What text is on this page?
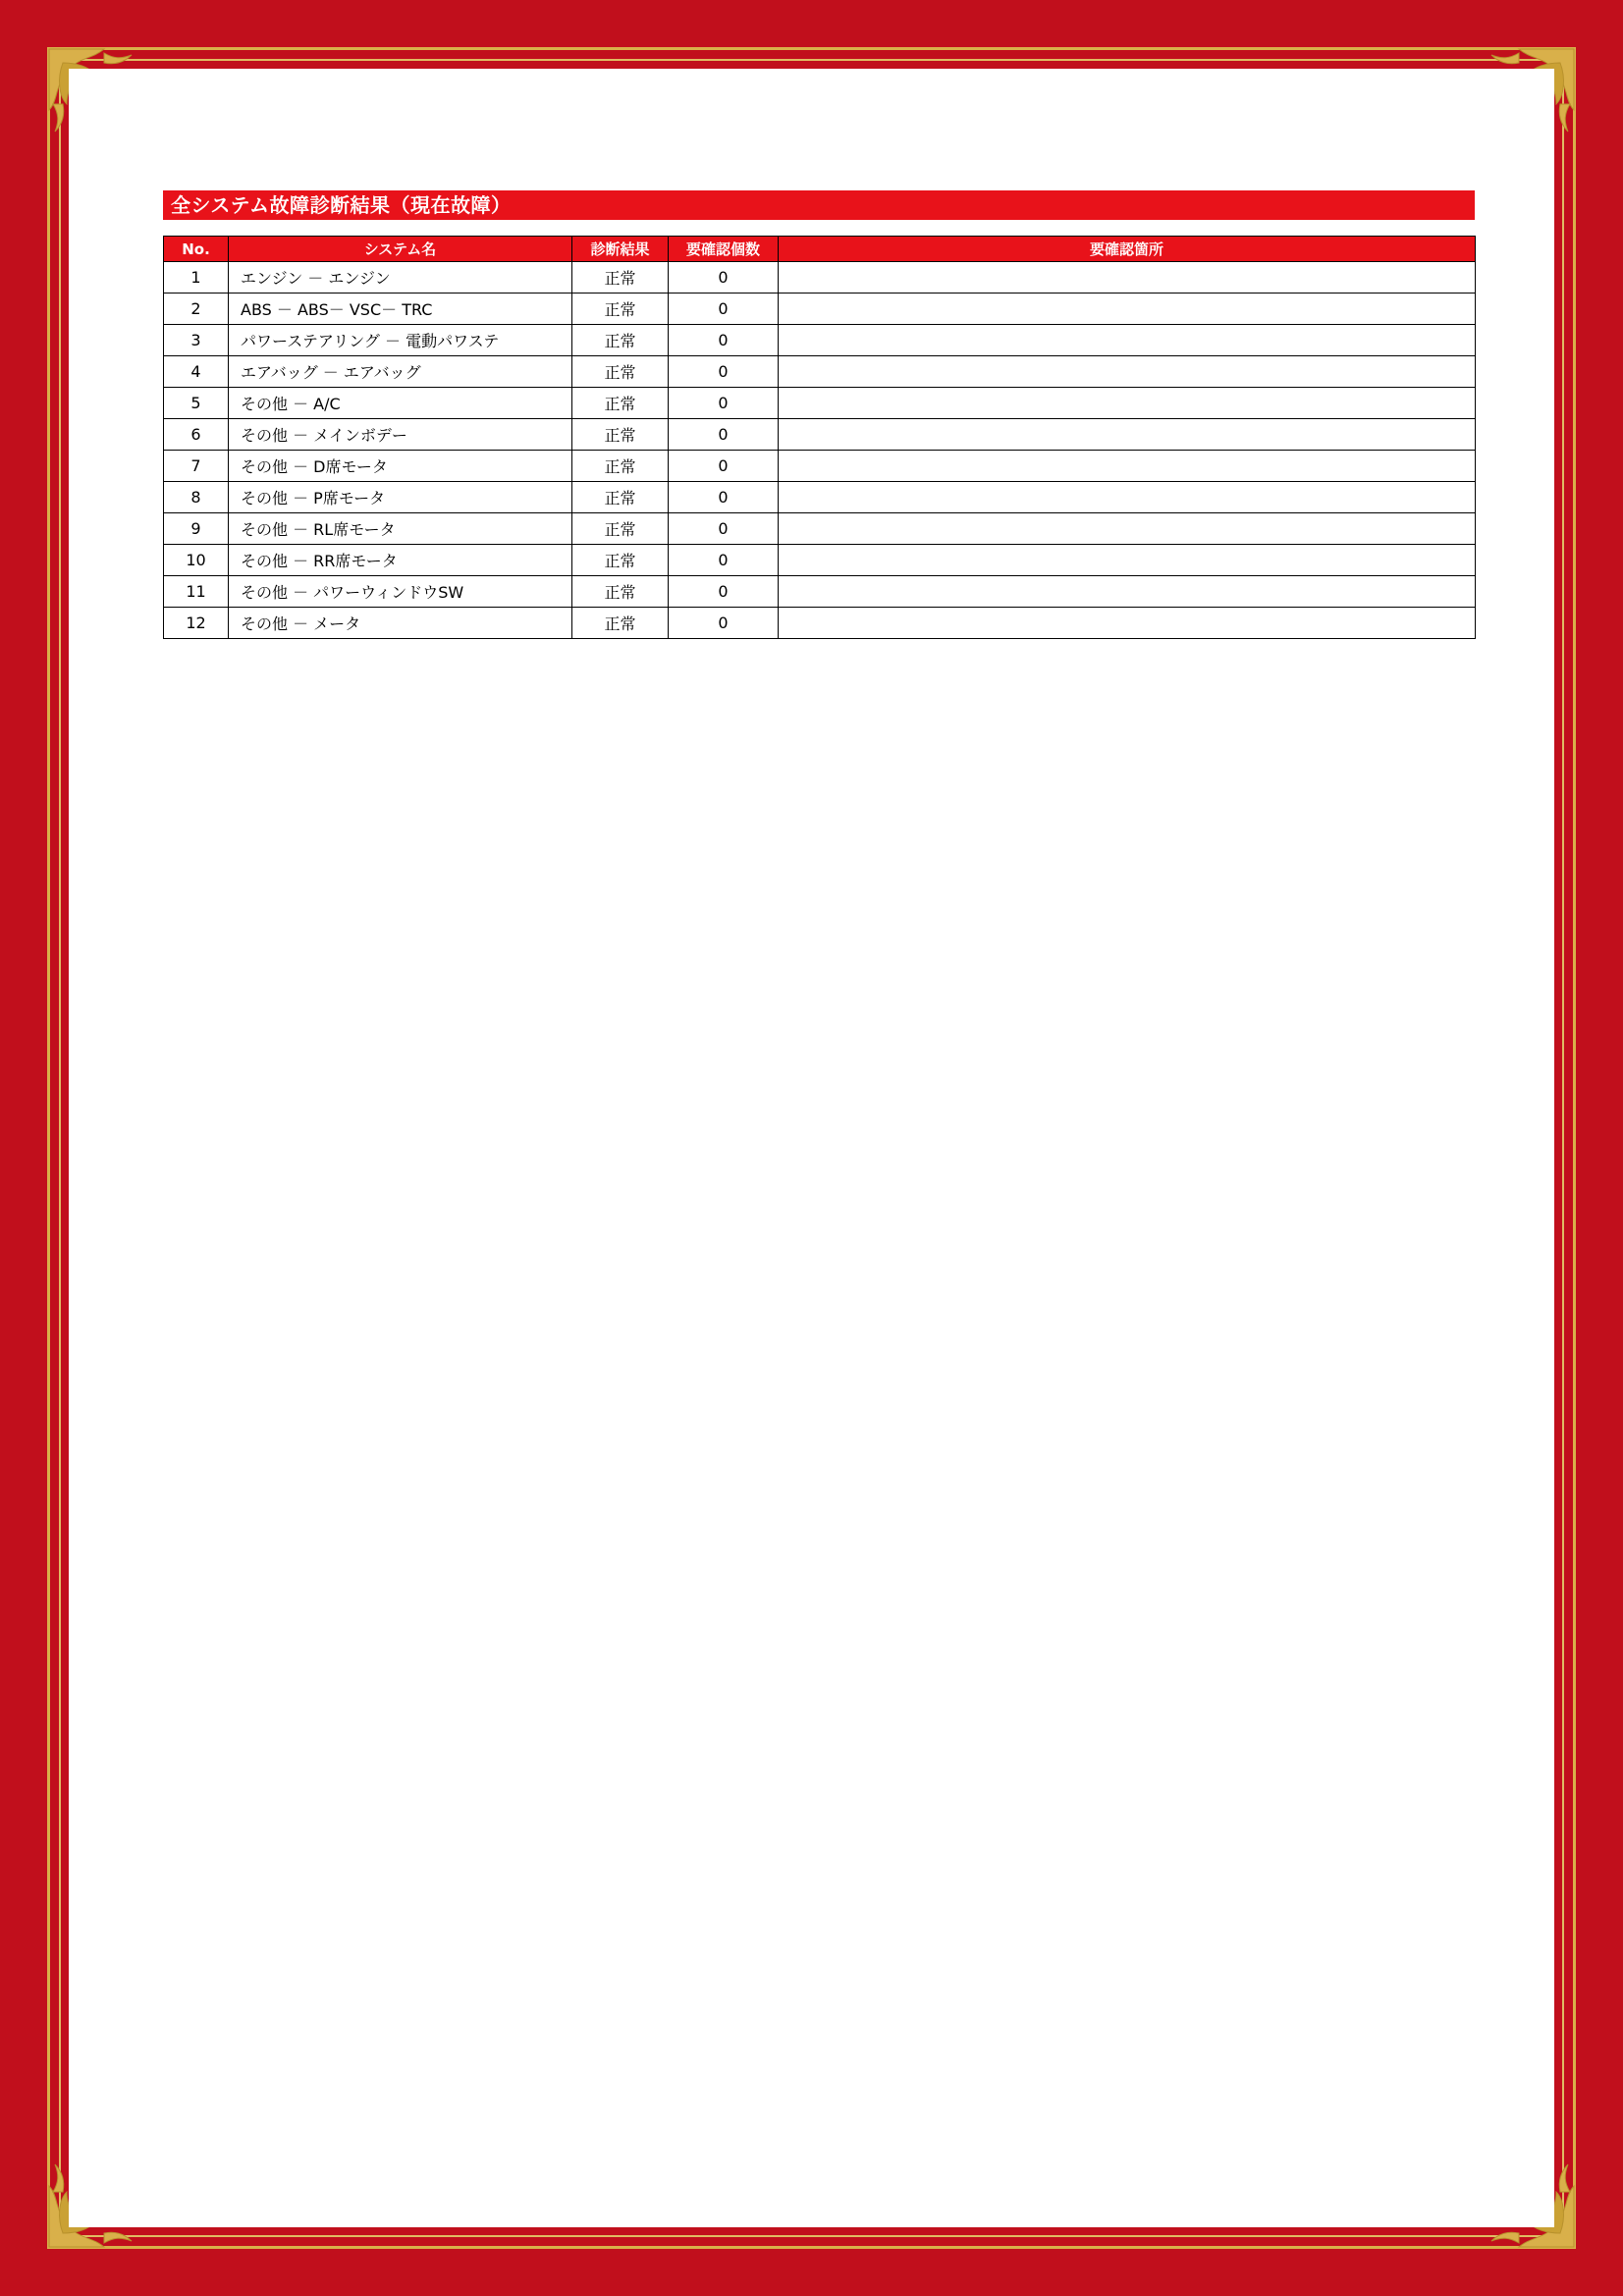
全システム故障診断結果（現在故障）
No.	システム名	診断結果	要確認個数	要確認箇所
1	エンジン － エンジン	正常	0	
2	ABS － ABS－ VSC－ TRC	正常	0	
3	パワーステアリング － 電動パワステ	正常	0	
4	エアバッグ － エアバッグ	正常	0	
5	その他 － A/C	正常	0	
6	その他 － メインボデー	正常	0	
7	その他 － D席モータ	正常	0	
8	その他 － P席モータ	正常	0	
9	その他 － RL席モータ	正常	0	
10	その他 － RR席モータ	正常	0	
11	その他 － パワーウィンドウSW	正常	0	
12	その他 － メータ	正常	0	
